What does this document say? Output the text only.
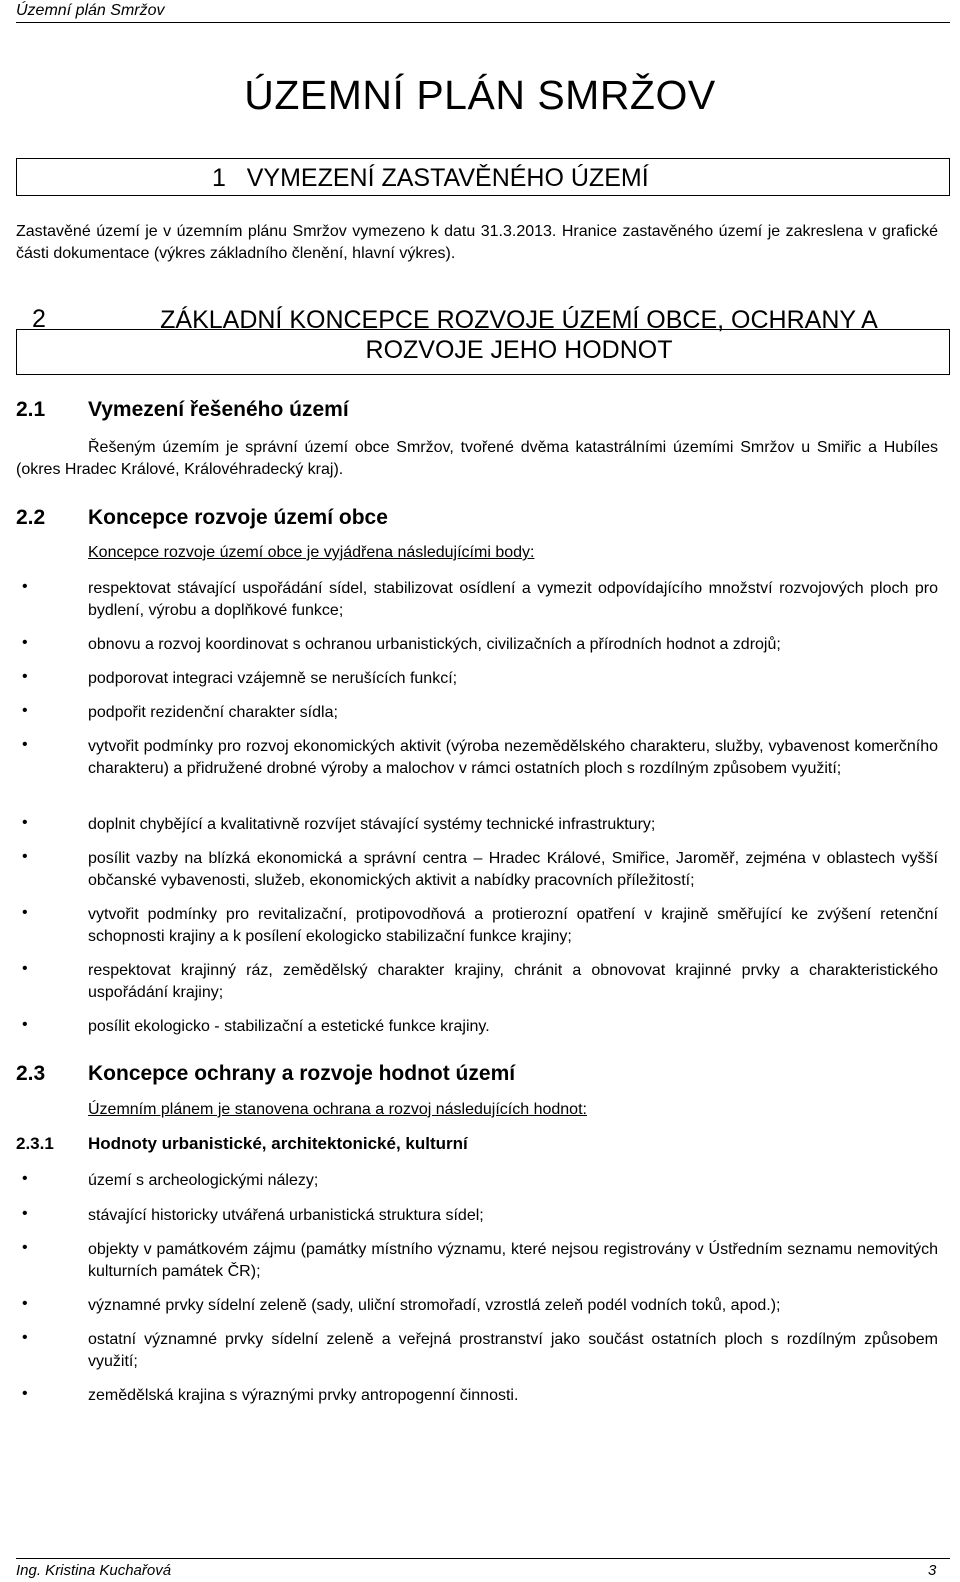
Územní plán Smržov
ÚZEMNÍ PLÁN SMRŽOV
1   VYMEZENÍ ZASTAVĚNÉHO ÚZEMÍ
Zastavěné území je v územním plánu Smržov vymezeno k datu 31.3.2013. Hranice zastavěného území je zakreslena v grafické části dokumentace (výkres základního členění, hlavní výkres).
2	ZÁKLADNÍ KONCEPCE ROZVOJE ÚZEMÍ OBCE, OCHRANY A
ROZVOJE JEHO HODNOT
2.1 Vymezení řešeného území
Řešeným územím je správní území obce Smržov, tvořené dvěma katastrálními územími Smržov u Smiřic a Hubíles (okres Hradec Králové, Královéhradecký kraj).
2.2 Koncepce rozvoje území obce
Koncepce rozvoje území obce je vyjádřena následujícími body:
•	respektovat stávající uspořádání sídel, stabilizovat osídlení a vymezit odpovídajícího množství rozvojových ploch pro bydlení, výrobu a doplňkové funkce;
•	obnovu a rozvoj koordinovat s ochranou urbanistických, civilizačních a přírodních hodnot a zdrojů;
•	podporovat integraci vzájemně se nerušících funkcí;
•	podpořit rezidenční charakter sídla;
•	vytvořit podmínky pro rozvoj ekonomických aktivit (výroba nezemědělského charakteru, služby, vybavenost komerčního charakteru) a přidružené drobné výroby a malochov v rámci ostatních ploch s rozdílným způsobem využití;
•	doplnit chybějící a kvalitativně rozvíjet stávající systémy technické infrastruktury;
•	posílit vazby na blízká ekonomická a správní centra – Hradec Králové, Smiřice, Jaroměř, zejména v oblastech vyšší občanské vybavenosti, služeb, ekonomických aktivit a nabídky pracovních příležitostí;
•	vytvořit podmínky pro revitalizační, protipovodňová a protierozní opatření v krajině směřující ke zvýšení retenční schopnosti krajiny a k posílení ekologicko stabilizační funkce krajiny;
•	respektovat krajinný ráz, zemědělský charakter krajiny, chránit a obnovovat krajinné prvky a charakteristického uspořádání krajiny;
•	posílit ekologicko - stabilizační a estetické funkce krajiny.
2.3 Koncepce ochrany a rozvoje hodnot území
Územním plánem je stanovena ochrana a rozvoj následujících hodnot:
2.3.1 Hodnoty urbanistické, architektonické, kulturní
•	území s archeologickými nálezy;
•	stávající historicky utvářená urbanistická struktura sídel;
•	objekty v památkovém zájmu (památky místního významu, které nejsou registrovány v Ústředním seznamu nemovitých kulturních památek ČR);
•	významné prvky sídelní zeleně (sady, uliční stromořadí, vzrostlá zeleň podél vodních toků, apod.);
•	ostatní významné prvky sídelní zeleně a veřejná prostranství jako součást ostatních ploch s rozdílným způsobem využití;
•	zemědělská krajina s výraznými prvky antropogenní činnosti.
Ing. Kristina Kuchařová	3
